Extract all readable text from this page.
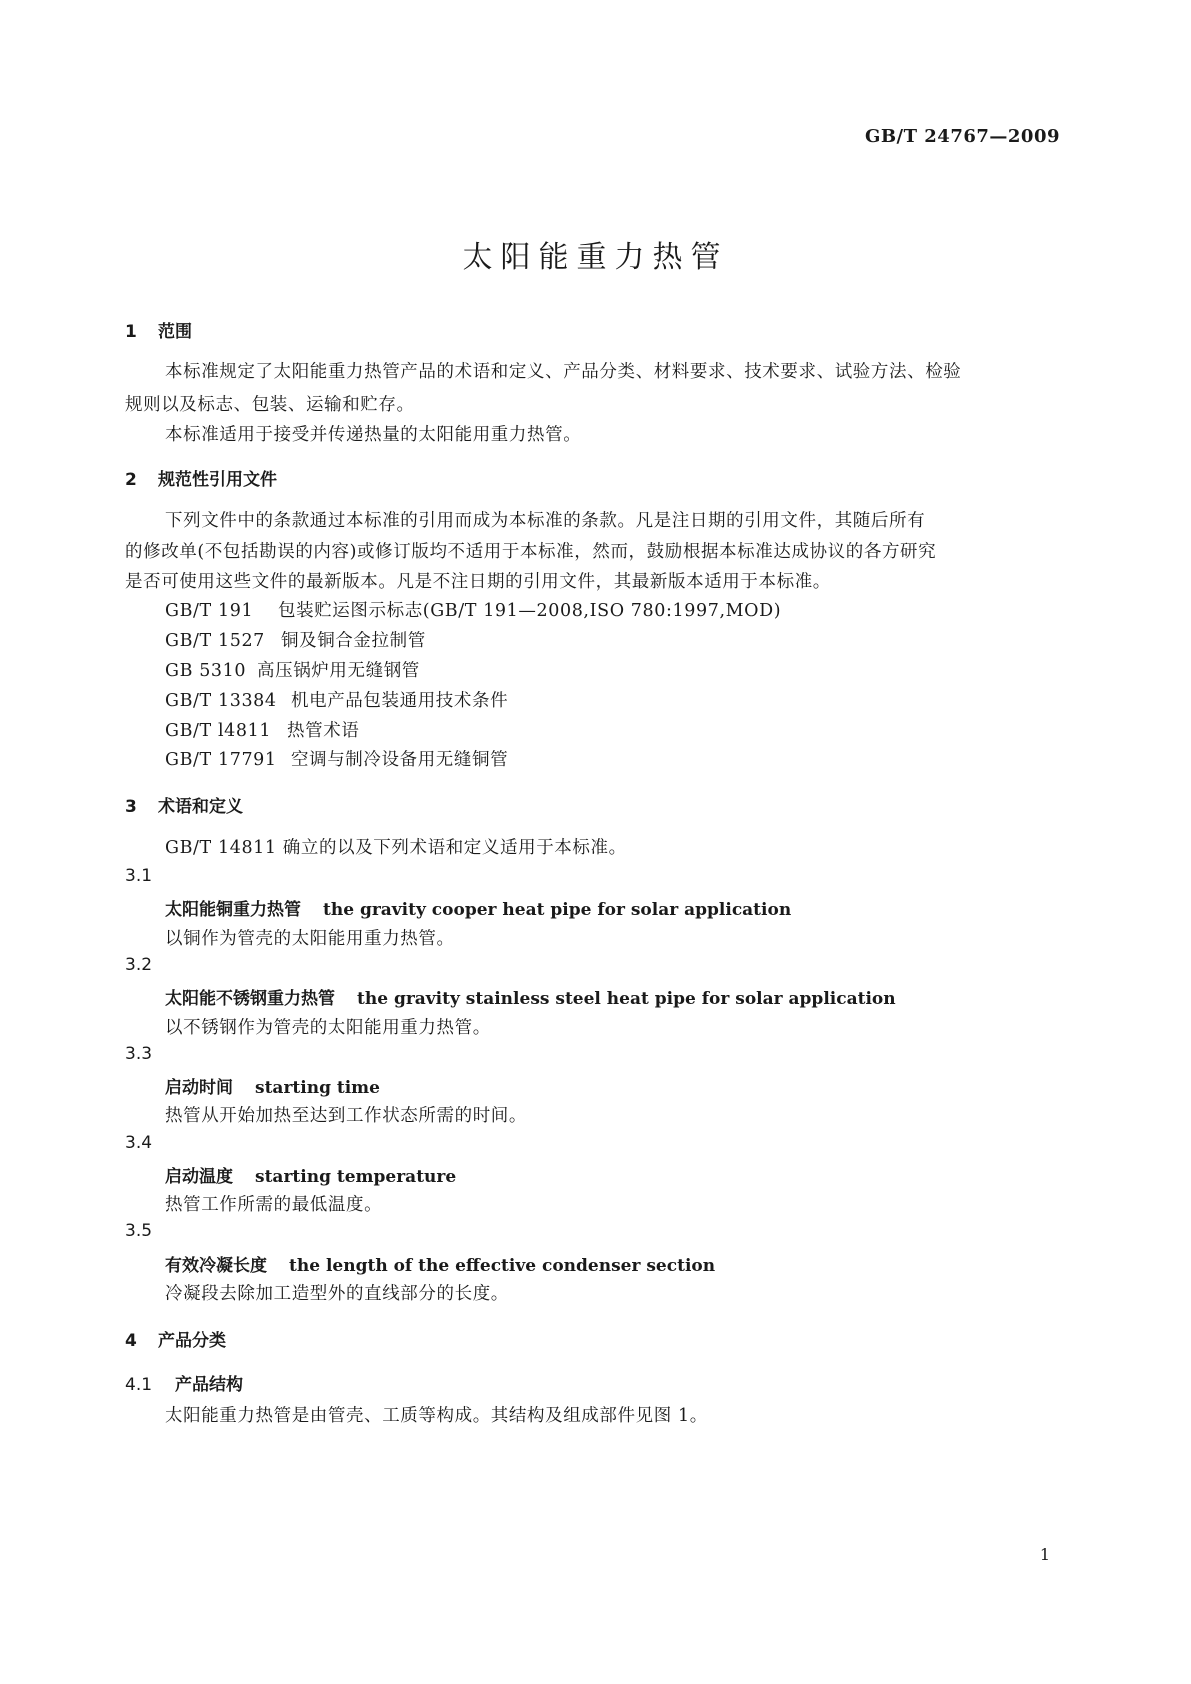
GB/T 24767—2009
太阳能重力热管
1 范围
本标准规定了太阳能重力热管产品的术语和定义、产品分类、材料要求、技术要求、试验方法、检验
规则以及标志、包装、运输和贮存。
本标准适用于接受并传递热量的太阳能用重力热管。
2 规范性引用文件
下列文件中的条款通过本标准的引用而成为本标准的条款。凡是注日期的引用文件，其随后所有
的修改单(不包括勘误的内容)或修订版均不适用于本标准，然而，鼓励根据本标准达成协议的各方研究
是否可使用这些文件的最新版本。凡是不注日期的引用文件，其最新版本适用于本标准。
GB/T 191 包装贮运图示标志(GB/T 191—2008,ISO 780:1997,MOD)
GB/T 1527 铜及铜合金拉制管
GB 5310 高压锅炉用无缝钢管
GB/T 13384 机电产品包装通用技术条件
GB/T l4811 热管术语
GB/T 17791 空调与制冷设备用无缝铜管
3 术语和定义
GB/T 14811 确立的以及下列术语和定义适用于本标准。
3.1
太阳能铜重力热管 the gravity cooper heat pipe for solar application
以铜作为管壳的太阳能用重力热管。
3.2
太阳能不锈钢重力热管 the gravity stainless steel heat pipe for solar application
以不锈钢作为管壳的太阳能用重力热管。
3.3
启动时间 starting time
热管从开始加热至达到工作状态所需的时间。
3.4
启动温度 starting temperature
热管工作所需的最低温度。
3.5
有效冷凝长度 the length of the effective condenser section
冷凝段去除加工造型外的直线部分的长度。
4 产品分类
4.1 产品结构
太阳能重力热管是由管壳、工质等构成。其结构及组成部件见图 1。
1
